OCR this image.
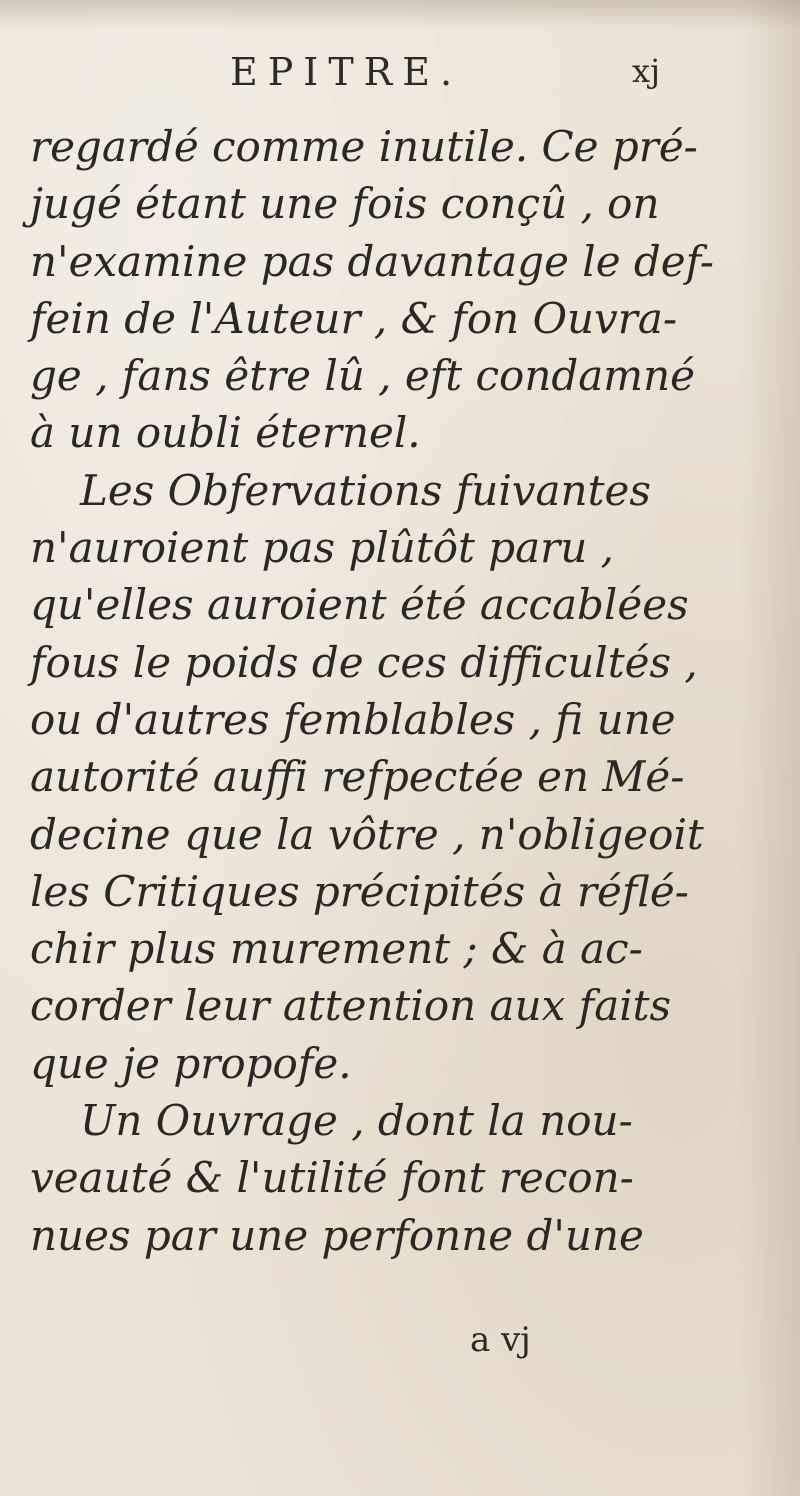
EPITRE.	xj
regardé comme inutile. Ce pré-
jugé étant une fois conçû , on
n'examine pas davantage le def-
fein de l'Auteur , & fon Ouvra-
ge , fans être lû , eft condamné
à un oubli éternel.
Les Obfervations fuivantes
n'auroient pas plûtôt paru ,
qu'elles auroient été accablées
fous le poids de ces difficultés ,
ou d'autres femblables , fi une
autorité auffi refpectée en Mé-
decine que la vôtre , n'obligeoit
les Critiques précipités à réflé-
chir plus murement ; & à ac-
corder leur attention aux faits
que je propofe.
Un Ouvrage , dont la nou-
veauté & l'utilité font recon-
nues par une perfonne d'une
a vj
